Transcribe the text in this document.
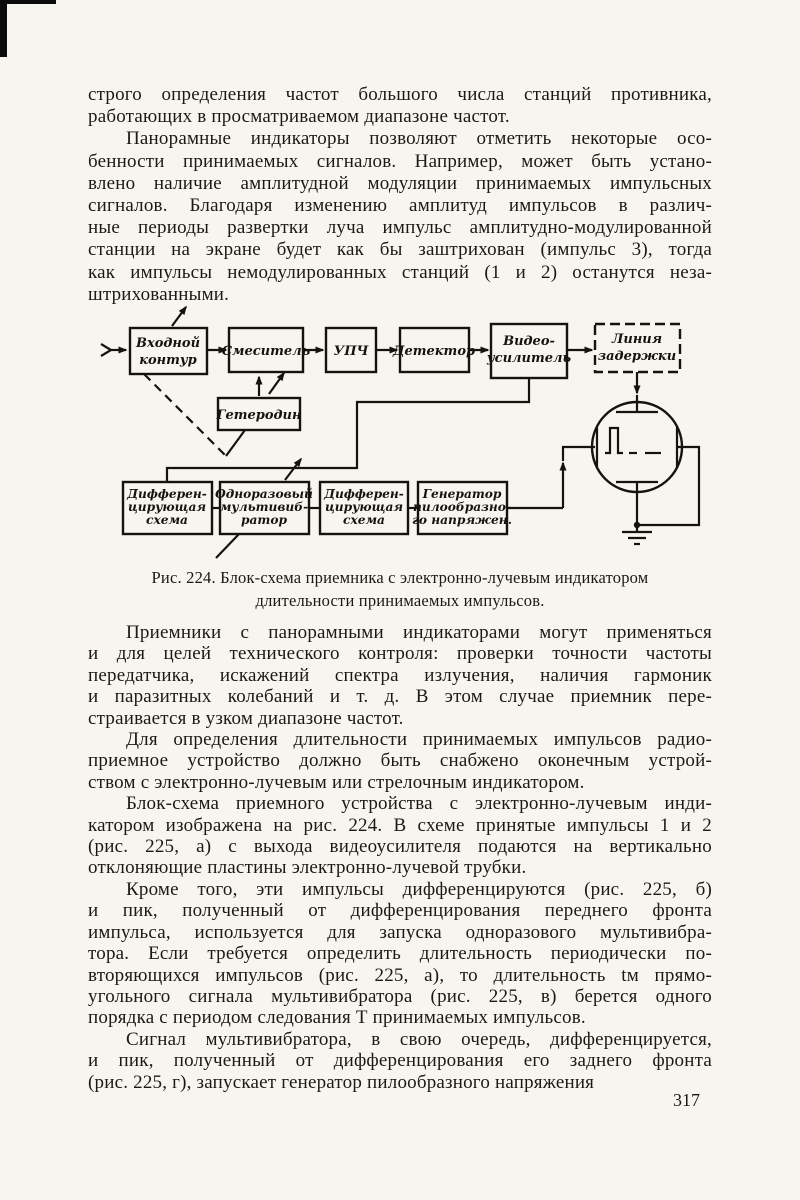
строго определения частот большого числа станций противника,
работающих в просматриваемом диапазоне частот.
Панорамные индикаторы позволяют отметить некоторые осо-
бенности принимаемых сигналов. Например, может быть устано-
влено наличие амплитудной модуляции принимаемых импульсных
сигналов. Благодаря изменению амплитуд импульсов в различ-
ные периоды развертки луча импульс амплитудно-модулированной
станции на экране будет как бы заштрихован (импульс 3), тогда
как импульсы немодулированных станций (1 и 2) останутся неза-
штрихованными.
Входной
контур
Смеситель УПЧ Детектор
Видео-
усилитель
Линия
задержки
Гетеродин
Дифферен-
цирующая
схема
Одноразовый
мультивиб-
ратор
Дифферен-
цирующая
схема
Генератор
пилообразно-
го напряжен.
Рис. 224. Блок-схема приемника с электронно-лучевым индикатором
длительности принимаемых импульсов.
Приемники с панорамными индикаторами могут применяться
и для целей технического контроля: проверки точности частоты
передатчика, искажений спектра излучения, наличия гармоник
и паразитных колебаний и т. д. В этом случае приемник пере-
страивается в узком диапазоне частот.
Для определения длительности принимаемых импульсов радио-
приемное устройство должно быть снабжено оконечным устрой-
ством с электронно-лучевым или стрелочным индикатором.
Блок-схема приемного устройства с электронно-лучевым инди-
катором изображена на рис. 224. В схеме принятые импульсы 1 и 2
(рис. 225, а) с выхода видеоусилителя подаются на вертикально
отклоняющие пластины электронно-лучевой трубки.
Кроме того, эти импульсы дифференцируются (рис. 225, б)
и пик, полученный от дифференцирования переднего фронта
импульса, используется для запуска одноразового мультивибра-
тора. Если требуется определить длительность периодически по-
вторяющихся импульсов (рис. 225, а), то длительность tм прямо-
угольного сигнала мультивибратора (рис. 225, в) берется одного
порядка с периодом следования Т принимаемых импульсов.
Сигнал мультивибратора, в свою очередь, дифференцируется,
и пик, полученный от дифференцирования его заднего фронта
(рис. 225, г), запускает генератор пилообразного напряжения
317
